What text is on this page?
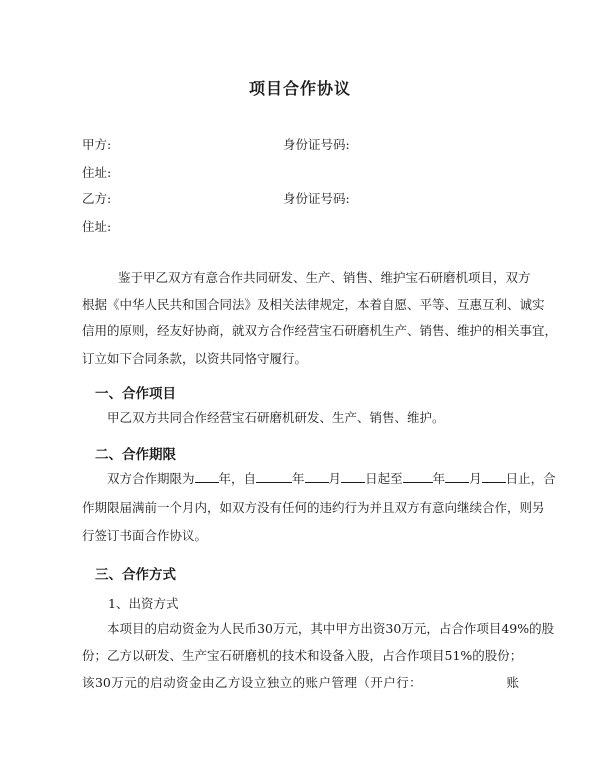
项目合作协议
甲方:	身份证号码:
住址:
乙方:	身份证号码:
住址:
鉴于甲乙双方有意合作共同研发、生产、销售、维护宝石研磨机项目，双方
根据《中华人民共和国合同法》及相关法律规定，本着自愿、平等、互惠互利、诚实
信用的原则，经友好协商，就双方合作经营宝石研磨机生产、销售、维护的相关事宜，
订立如下合同条款，以资共同恪守履行。
一、合作项目
甲乙双方共同合作经营宝石研磨机研发、生产、销售、维护。
二、合作期限
双方合作期限为 年，自	年 月 日起至 年 月 日止，合
作期限届满前一个月内，如双方没有任何的违约行为并且双方有意向继续合作，则另
行签订书面合作协议。
三、合作方式
1、出资方式
本项目的启动资金为人民币30万元，其中甲方出资30万元，占合作项目49%的股
份；乙方以研发、生产宝石研磨机的技术和设备入股，占合作项目51%的股份；
该30万元的启动资金由乙方设立独立的账户管理（开户行：　　　　　　　账
